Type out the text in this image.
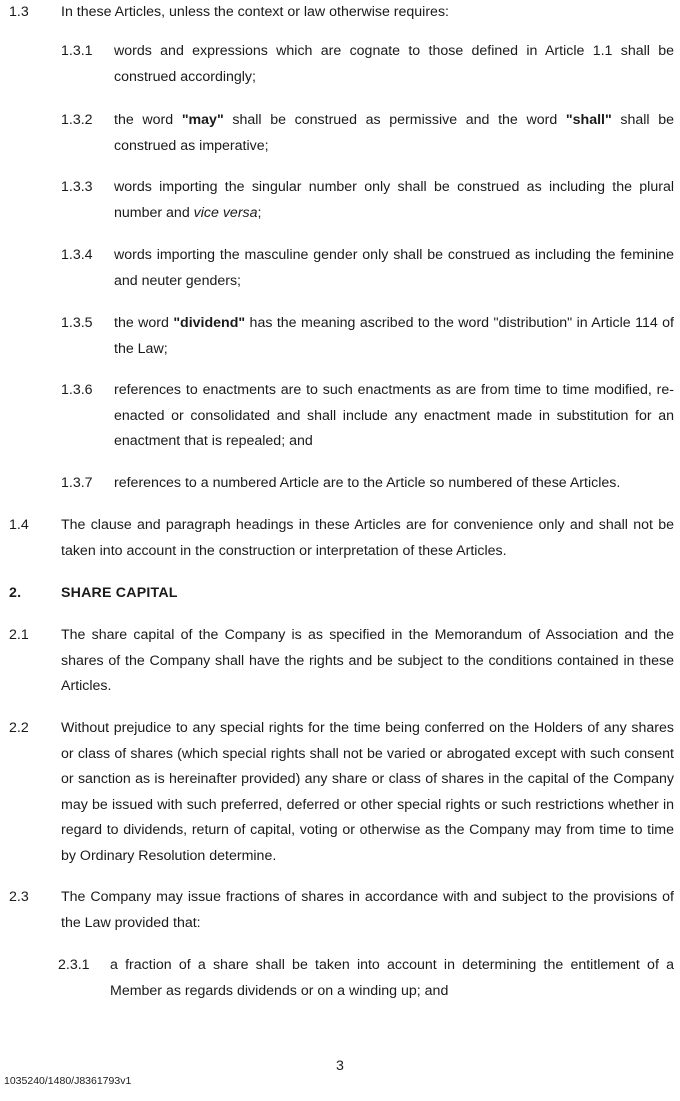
1.3 In these Articles, unless the context or law otherwise requires:
1.3.1 words and expressions which are cognate to those defined in Article 1.1 shall be construed accordingly;
1.3.2 the word "may" shall be construed as permissive and the word "shall" shall be construed as imperative;
1.3.3 words importing the singular number only shall be construed as including the plural number and vice versa;
1.3.4 words importing the masculine gender only shall be construed as including the feminine and neuter genders;
1.3.5 the word "dividend" has the meaning ascribed to the word "distribution" in Article 114 of the Law;
1.3.6 references to enactments are to such enactments as are from time to time modified, re-enacted or consolidated and shall include any enactment made in substitution for an enactment that is repealed; and
1.3.7 references to a numbered Article are to the Article so numbered of these Articles.
1.4 The clause and paragraph headings in these Articles are for convenience only and shall not be taken into account in the construction or interpretation of these Articles.
2.	SHARE CAPITAL
2.1 The share capital of the Company is as specified in the Memorandum of Association and the shares of the Company shall have the rights and be subject to the conditions contained in these Articles.
2.2 Without prejudice to any special rights for the time being conferred on the Holders of any shares or class of shares (which special rights shall not be varied or abrogated except with such consent or sanction as is hereinafter provided) any share or class of shares in the capital of the Company may be issued with such preferred, deferred or other special rights or such restrictions whether in regard to dividends, return of capital, voting or otherwise as the Company may from time to time by Ordinary Resolution determine.
2.3 The Company may issue fractions of shares in accordance with and subject to the provisions of the Law provided that:
2.3.1 a fraction of a share shall be taken into account in determining the entitlement of a Member as regards dividends or on a winding up; and
3
1035240/1480/J8361793v1
